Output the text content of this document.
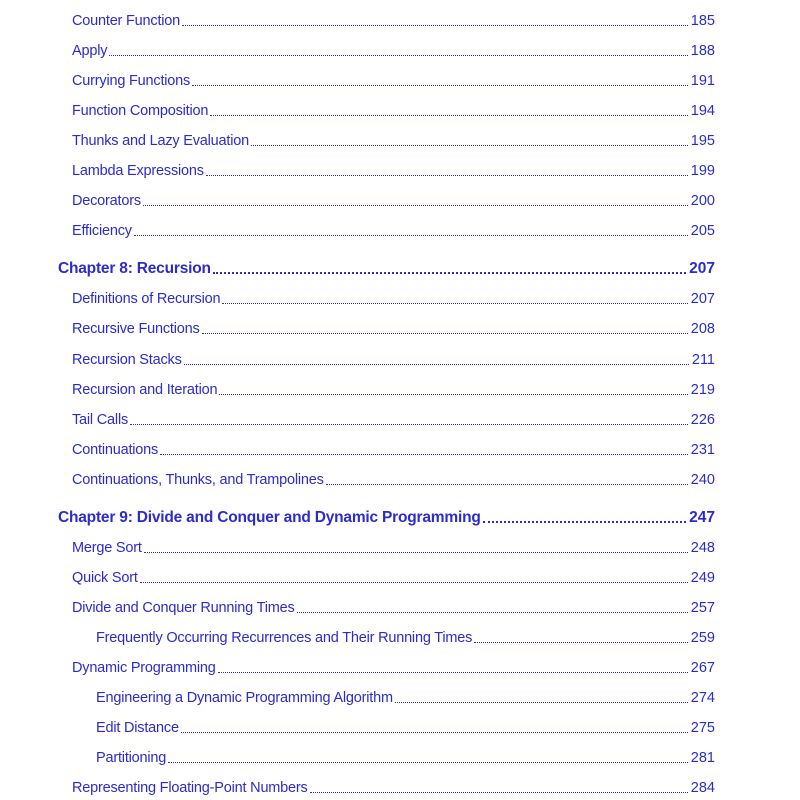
Counter Function	185
Apply	188
Currying Functions	191
Function Composition	194
Thunks and Lazy Evaluation	195
Lambda Expressions	199
Decorators	200
Efficiency	205
Chapter 8: Recursion	207
Definitions of Recursion	207
Recursive Functions	208
Recursion Stacks	211
Recursion and Iteration	219
Tail Calls	226
Continuations	231
Continuations, Thunks, and Trampolines	240
Chapter 9: Divide and Conquer and Dynamic Programming	247
Merge Sort	248
Quick Sort	249
Divide and Conquer Running Times	257
Frequently Occurring Recurrences and Their Running Times	259
Dynamic Programming	267
Engineering a Dynamic Programming Algorithm	274
Edit Distance	275
Partitioning	281
Representing Floating-Point Numbers	284
